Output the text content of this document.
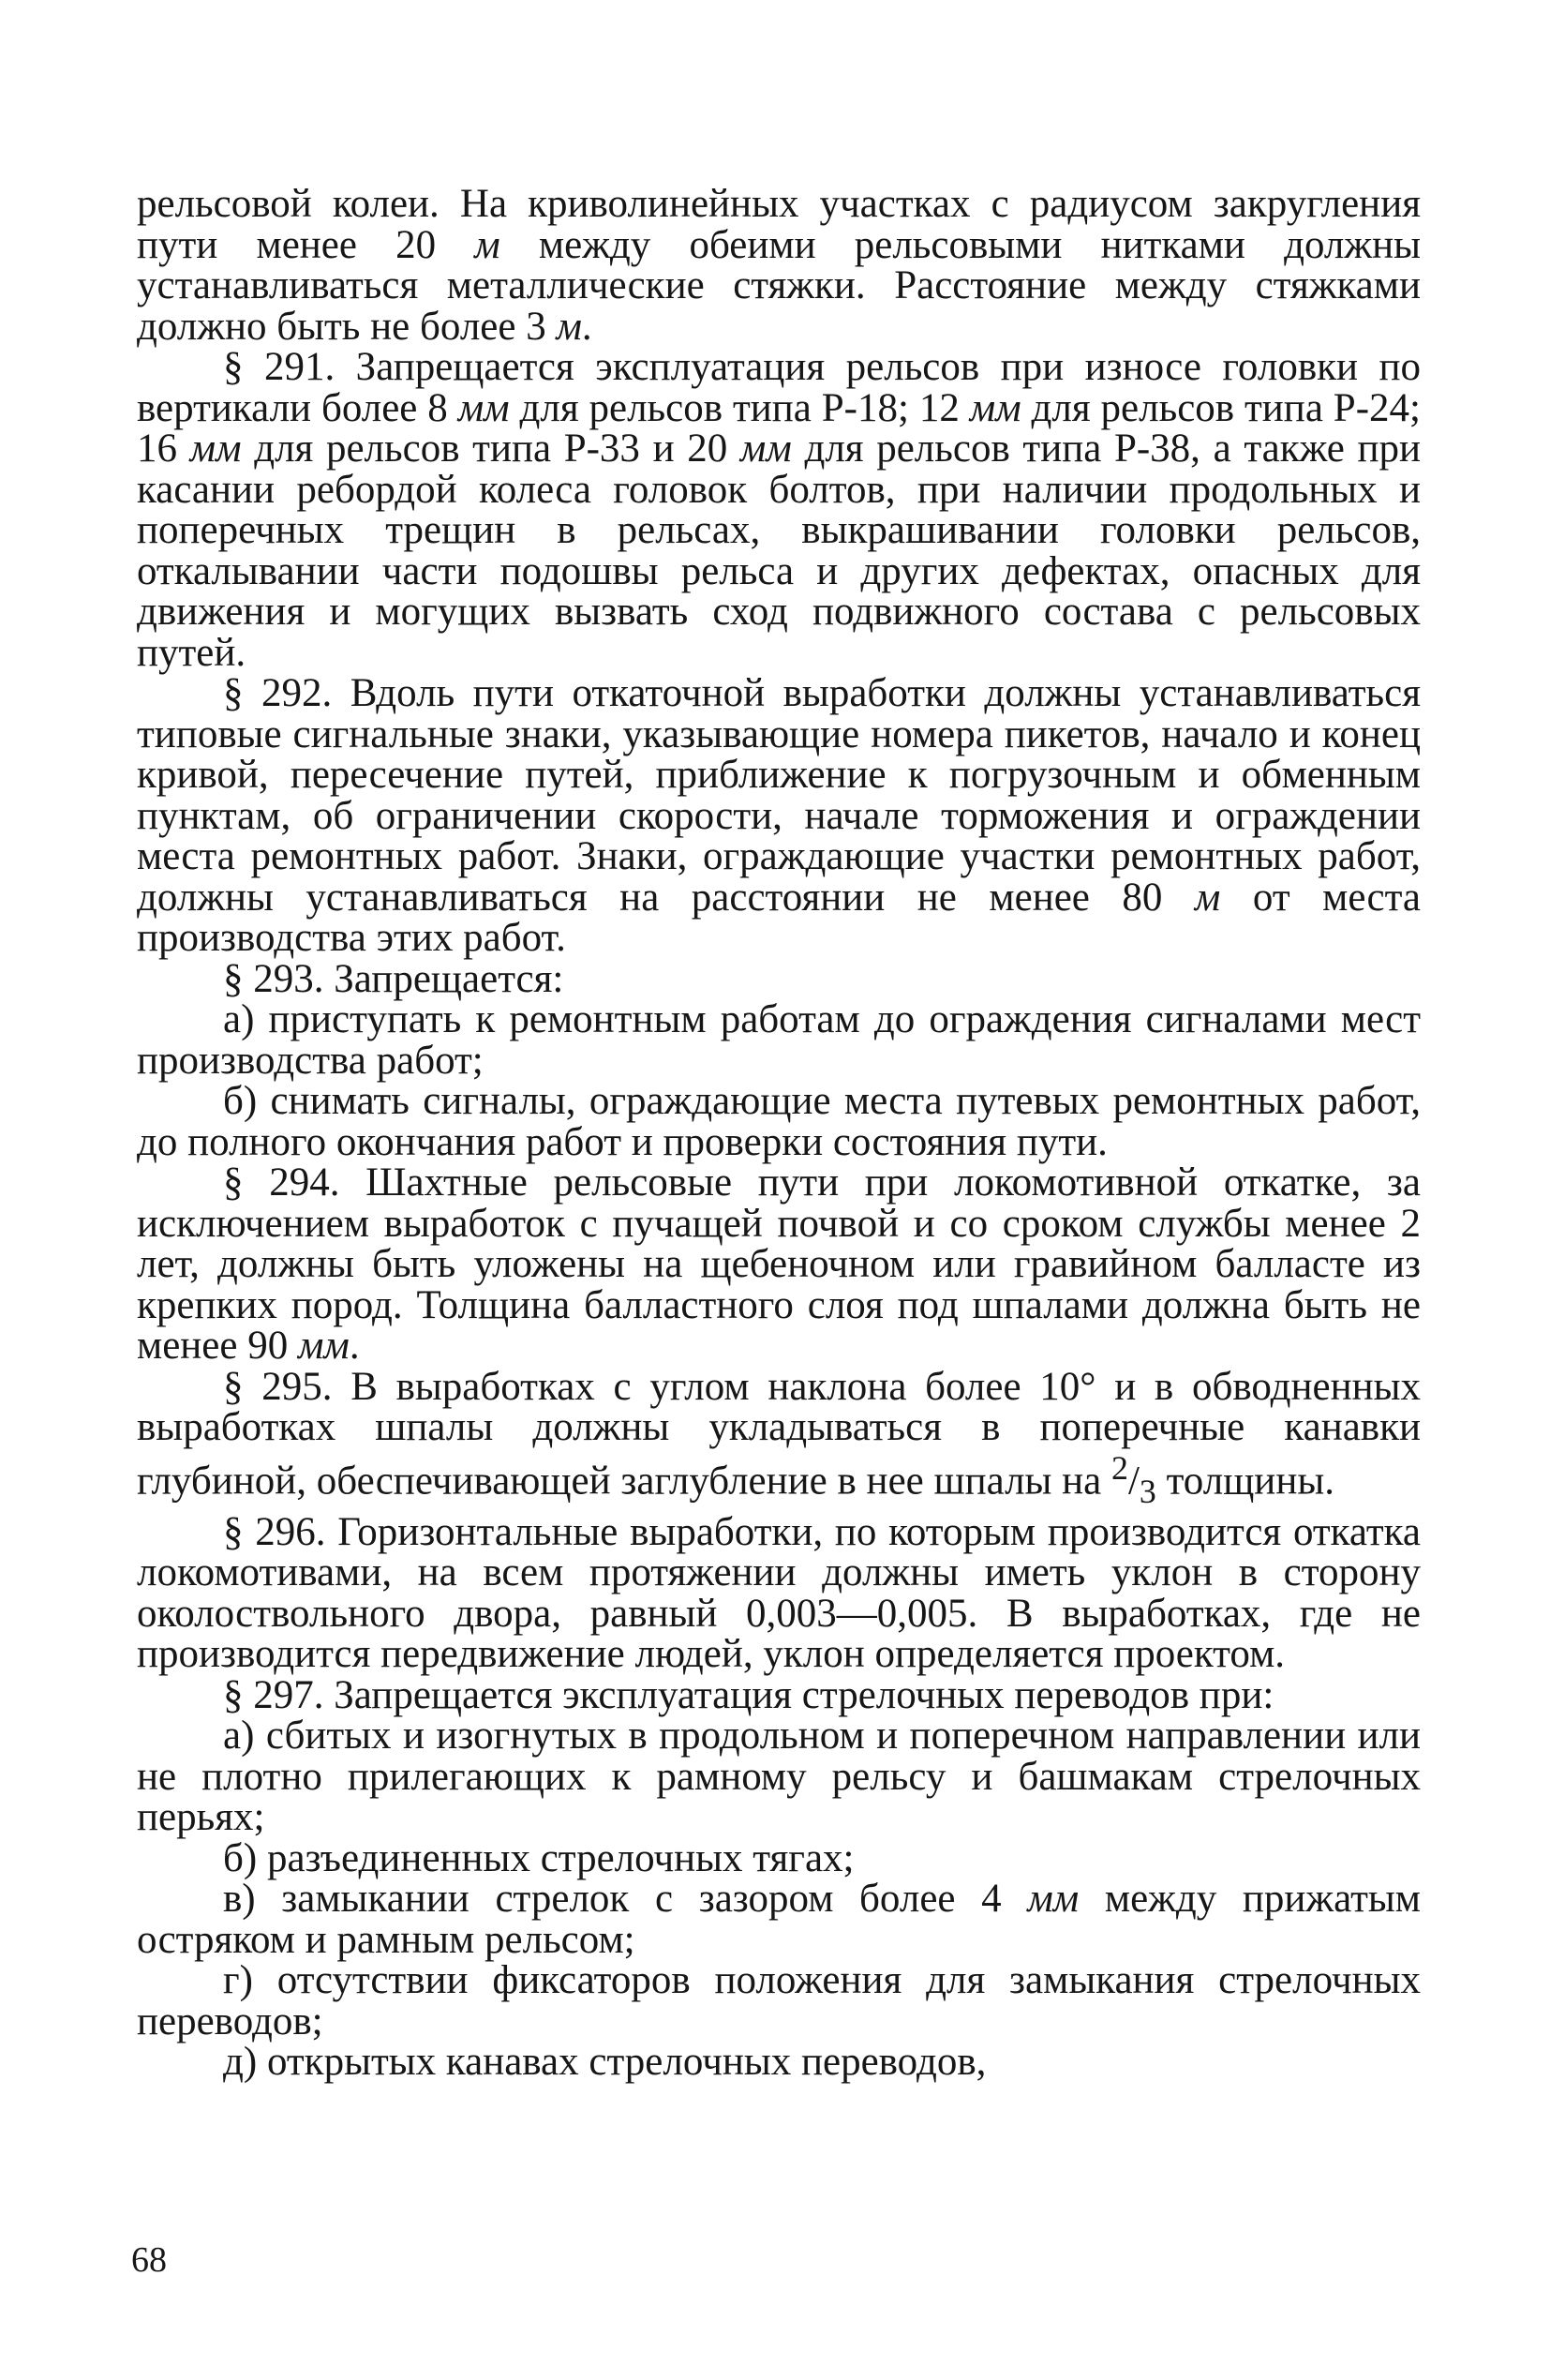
рельсовой колеи. На криволинейных участках с радиусом закругления пути менее 20 м между обеими рельсовыми нитками должны устанавливаться металлические стяжки. Расстояние между стяжками должно быть не более 3 м.

§ 291. Запрещается эксплуатация рельсов при износе головки по вертикали более 8 мм для рельсов типа Р-18; 12 мм для рельсов типа Р-24; 16 мм для рельсов типа Р-33 и 20 мм для рельсов типа Р-38, а также при касании ребордой колеса головок болтов, при наличии продольных и поперечных трещин в рельсах, выкрашивании головки рельсов, откалывании части подошвы рельса и других дефектах, опасных для движения и могущих вызвать сход подвижного состава с рельсовых путей.

§ 292. Вдоль пути откаточной выработки должны устанавливаться типовые сигнальные знаки, указывающие номера пикетов, начало и конец кривой, пересечение путей, приближение к погрузочным и обменным пунктам, об ограничении скорости, начале торможения и ограждении места ремонтных работ. Знаки, ограждающие участки ремонтных работ, должны устанавливаться на расстоянии не менее 80 м от места производства этих работ.

§ 293. Запрещается:

а) приступать к ремонтным работам до ограждения сигналами мест производства работ;

б) снимать сигналы, ограждающие места путевых ремонтных работ, до полного окончания работ и проверки состояния пути.

§ 294. Шахтные рельсовые пути при локомотивной откатке, за исключением выработок с пучащей почвой и со сроком службы менее 2 лет, должны быть уложены на щебеночном или гравийном балласте из крепких пород. Толщина балластного слоя под шпалами должна быть не менее 90 мм.

§ 295. В выработках с углом наклона более 10° и в обводненных выработках шпалы должны укладываться в поперечные канавки глубиной, обеспечивающей заглубление в нее шпалы на $^2/_3$ толщины.

§ 296. Горизонтальные выработки, по которым производится откатка локомотивами, на всем протяжении должны иметь уклон в сторону околоствольного двора, равный 0,003—0,005. В выработках, где не производится передвижение людей, уклон определяется проектом.

§ 297. Запрещается эксплуатация стрелочных переводов при:

а) сбитых и изогнутых в продольном и поперечном направлении или не плотно прилегающих к рамному рельсу и башмакам стрелочных перьях;

б) разъединенных стрелочных тягах;

в) замыкании стрелок с зазором более 4 мм между прижатым остряком и рамным рельсом;

г) отсутствии фиксаторов положения для замыкания стрелочных переводов;

д) открытых канавах стрелочных переводов,

68
